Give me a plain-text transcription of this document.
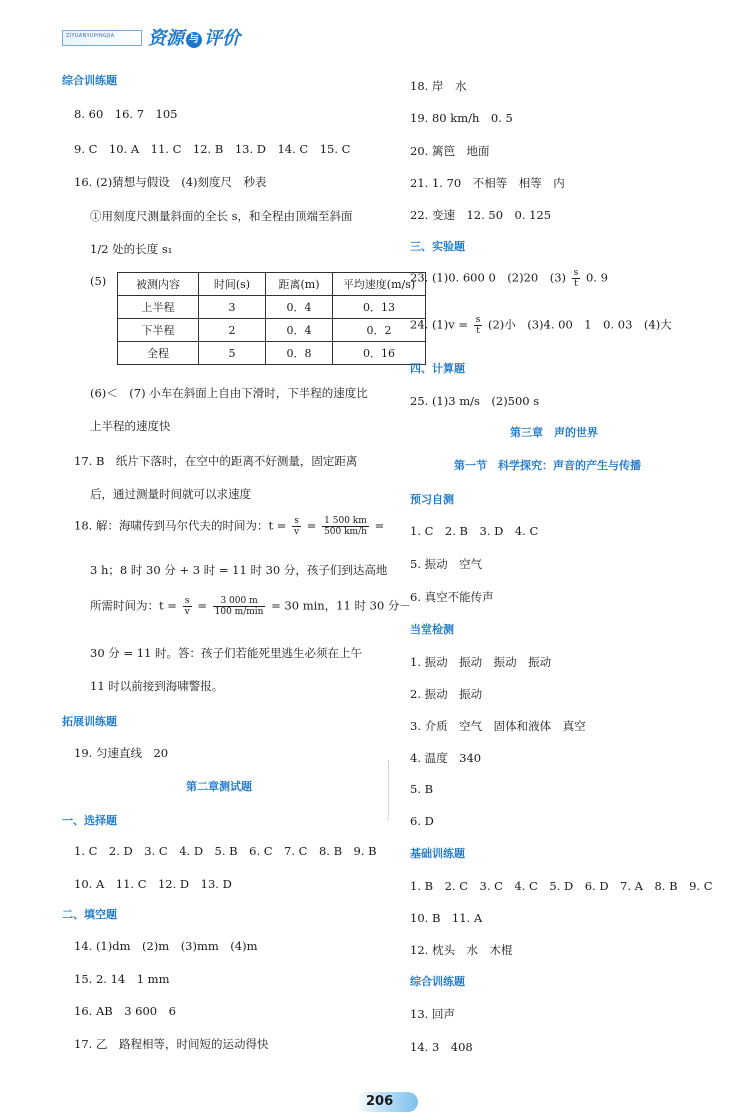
ZIYUANYUPINGJIA 资源 与 评价
综合训练题
8. 60　16. 7　105
9. C　10. A　11. C　12. B　13. D　14. C　15. C
16. (2)猜想与假设　(4)刻度尺　秒表
①用刻度尺测量斜面的全长 s，和全程由顶端至斜面
1/2 处的长度 s₁
(5)	被测内容	时间(s)	距离(m)	平均速度(m/s)
上半程	3	0．4	0．13
下半程	2	0．4	0．2
全程	5	0．8	0．16
(6)＜　(7) 小车在斜面上自由下滑时，下半程的速度比
上半程的速度快
17. B　纸片下落时，在空中的距离不好测量，固定距离
后，通过测量时间就可以求速度
18. 解：海啸传到马尔代夫的时间为：$t = \frac{s}{v} = \frac{1 500 km}{500 km/h}$ =
3 h；8 时 30 分 + 3 时 = 11 时 30 分，孩子们到达高地
所需时间为：$t = \frac{s}{v} = \frac{3 000 m}{100 m/\min} = 30$ min，11 时 30 分－
30 分 = 11 时。答：孩子们若能死里逃生必须在上午
11 时以前接到海啸警报。
拓展训练题
19. 匀速直线　20
第二章测试题
一、选择题
1. C　2. D　3. C　4. D　5. B　6. C　7. C　8. B　9. B
10. A　11. C　12. D　13. D
二、填空题
14. (1)dm　(2)m　(3)mm　(4)m
15. 2. 14　1 mm
16. AB　3 600　6
17. 乙　路程相等，时间短的运动得快
18. 岸　水
19. 80 km/h　0. 5
20. 篱笆　地面
21. 1. 70　不相等　相等　内
22. 变速　12. 50　0. 125
三、实验题
23. (1)0. 600 0　(2)20　$(3) \frac{s}{t} 0$. 9
24. $(1)v = \frac{s}{t} (2)$小　(3)4. 00　1　0. 03　(4)大
四、计算题
25. (1)3 m/s　(2)500 s
第三章　声的世界
第一节　科学探究：声音的产生与传播
预习自测
1. C　2. B　3. D　4. C
5. 振动　空气
6. 真空不能传声
当堂检测
1. 振动　振动　振动　振动
2. 振动　振动
3. 介质　空气　固体和液体　真空
4. 温度　340
5. B
6. D
基础训练题
1. B　2. C　3. C　4. C　5. D　6. D　7. A　8. B　9. C
10. B　11. A
12. 枕头　水　木棍
综合训练题
13. 回声
14. 3　408
206
